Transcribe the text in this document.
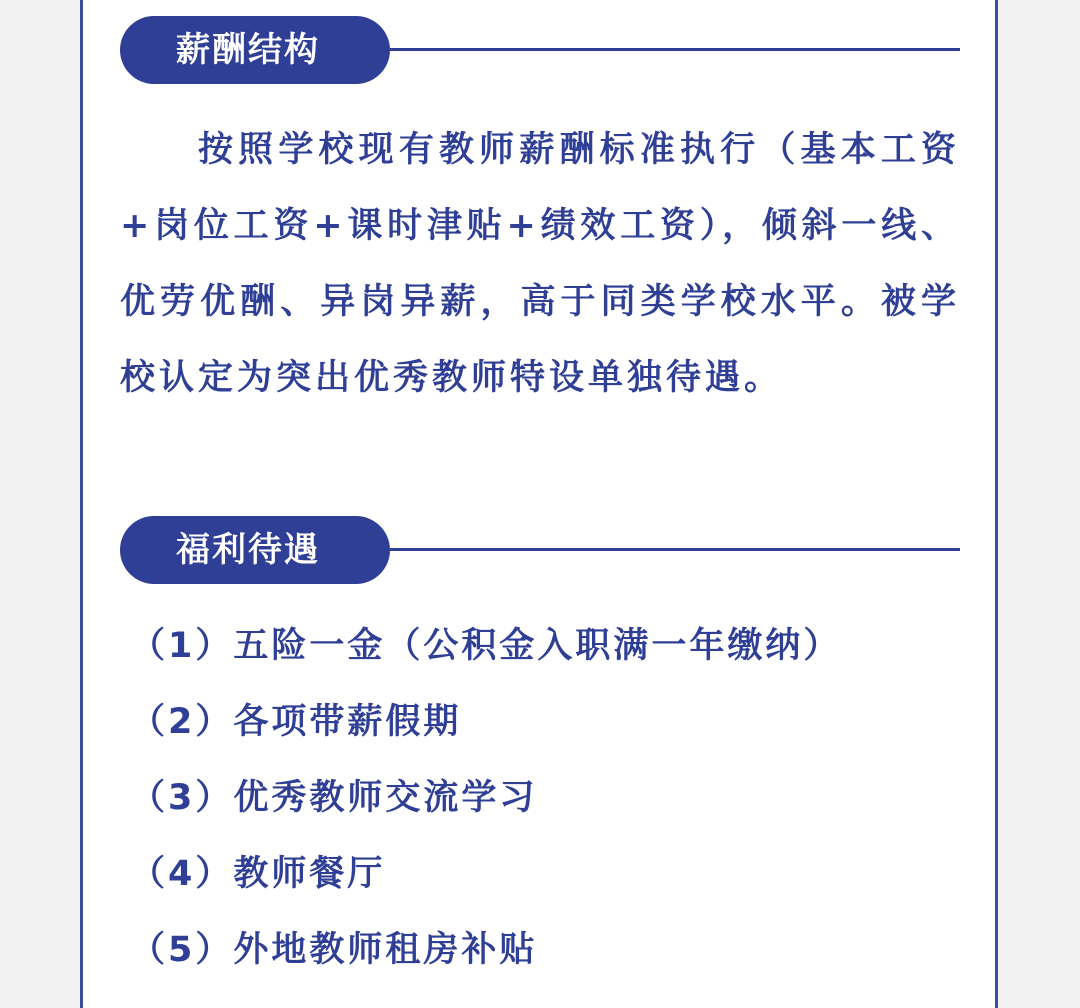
薪酬结构

按照学校现有教师薪酬标准执行（基本工资+岗位工资+课时津贴+绩效工资），倾斜一线、优劳优酬、异岗异薪，高于同类学校水平。被学校认定为突出优秀教师特设单独待遇。

福利待遇
（1）五险一金（公积金入职满一年缴纳）
（2）各项带薪假期
（3）优秀教师交流学习
（4）教师餐厅
（5）外地教师租房补贴
